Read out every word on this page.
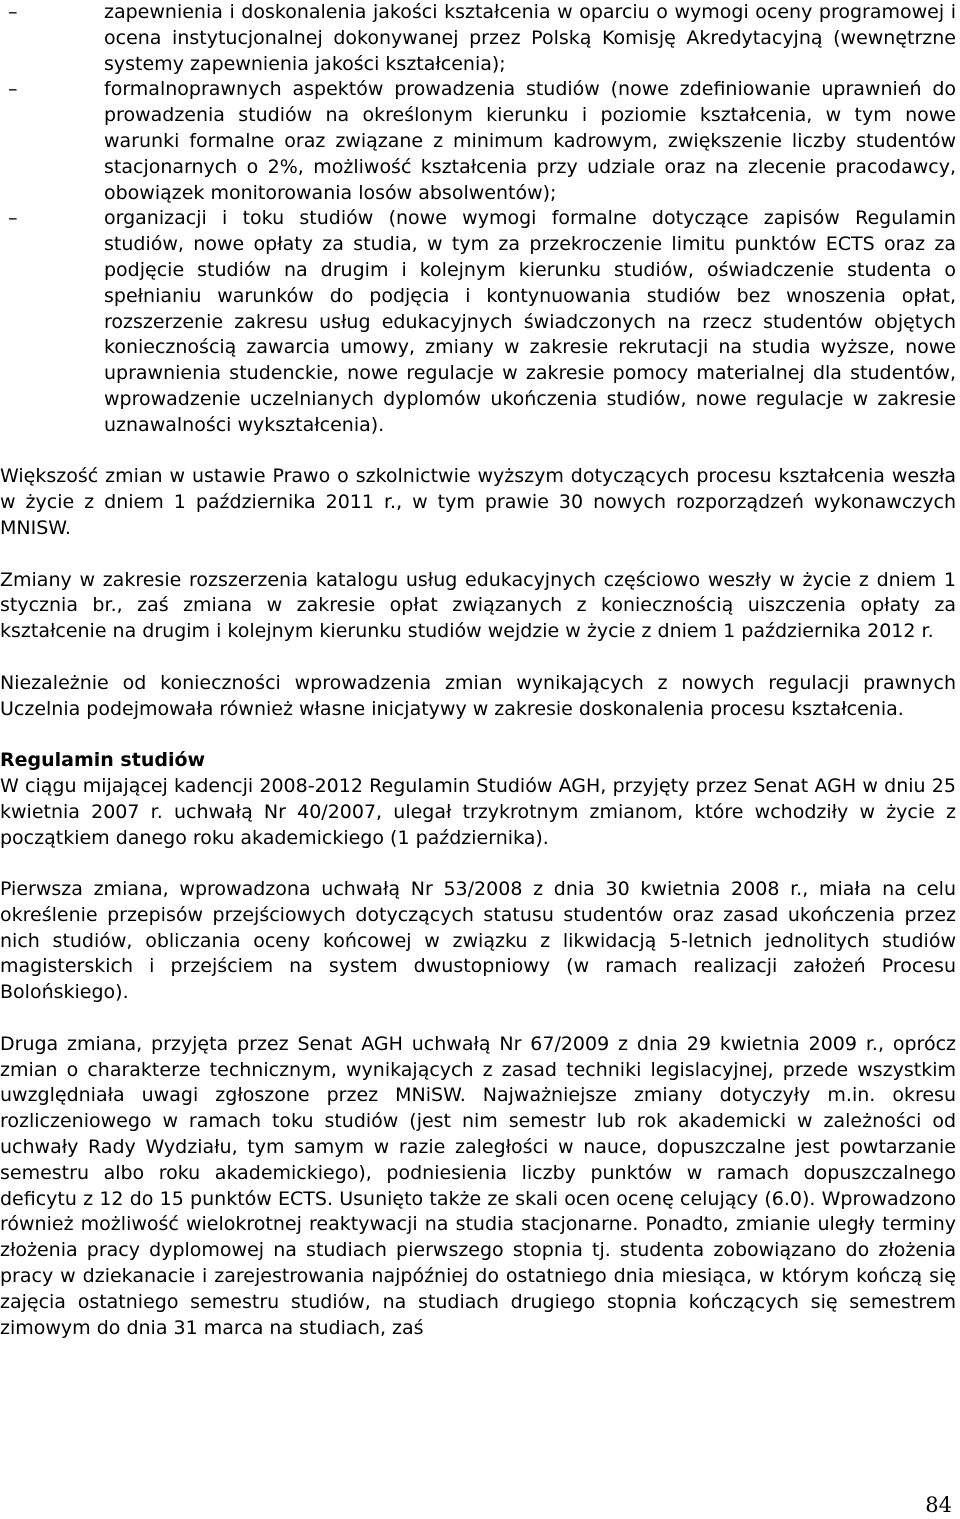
–	zapewnienia i doskonalenia jakości kształcenia w oparciu o wymogi oceny programowej i ocena instytucjonalnej dokonywanej przez Polską Komisję Akredytacyjną (wewnętrzne systemy zapewnienia jakości kształcenia);
–	formalnoprawnych aspektów prowadzenia studiów (nowe zdefiniowanie uprawnień do prowadzenia studiów na określonym kierunku i poziomie kształcenia, w tym nowe warunki formalne oraz związane z minimum kadrowym, zwiększenie liczby studentów stacjonarnych o 2%, możliwość kształcenia przy udziale oraz na zlecenie pracodawcy, obowiązek monitorowania losów absolwentów);
–	organizacji i toku studiów (nowe wymogi formalne dotyczące zapisów Regulamin studiów, nowe opłaty za studia, w tym za przekroczenie limitu punktów ECTS oraz za podjęcie studiów na drugim i kolejnym kierunku studiów, oświadczenie studenta o spełnianiu warunków do podjęcia i kontynuowania studiów bez wnoszenia opłat, rozszerzenie zakresu usług edukacyjnych świadczonych na rzecz studentów objętych koniecznością zawarcia umowy, zmiany w zakresie rekrutacji na studia wyższe, nowe uprawnienia studenckie, nowe regulacje w zakresie pomocy materialnej dla studentów, wprowadzenie uczelnianych dyplomów ukończenia studiów, nowe regulacje w zakresie uznawalności wykształcenia).

Większość zmian w ustawie Prawo o szkolnictwie wyższym dotyczących procesu kształcenia weszła w życie z dniem 1 października 2011 r., w tym prawie 30 nowych rozporządzeń wykonawczych MNISW.

Zmiany w zakresie rozszerzenia katalogu usług edukacyjnych częściowo weszły w życie z dniem 1 stycznia br., zaś zmiana w zakresie opłat związanych z koniecznością uiszczenia opłaty za kształcenie na drugim i kolejnym kierunku studiów wejdzie w życie z dniem 1 października 2012 r.

Niezależnie od konieczności wprowadzenia zmian wynikających z nowych regulacji prawnych Uczelnia podejmowała również własne inicjatywy w zakresie doskonalenia procesu kształcenia.

Regulamin studiów

W ciągu mijającej kadencji 2008-2012 Regulamin Studiów AGH, przyjęty przez Senat AGH w dniu 25 kwietnia 2007 r. uchwałą Nr 40/2007, ulegał trzykrotnym zmianom, które wchodziły w życie z początkiem danego roku akademickiego (1 października).

Pierwsza zmiana, wprowadzona uchwałą Nr 53/2008 z dnia 30 kwietnia 2008 r., miała na celu określenie przepisów przejściowych dotyczących statusu studentów oraz zasad ukończenia przez nich studiów, obliczania oceny końcowej w związku z likwidacją 5-letnich jednolitych studiów magisterskich i przejściem na system dwustopniowy (w ramach realizacji założeń Procesu Bolońskiego).

Druga zmiana, przyjęta przez Senat AGH uchwałą Nr 67/2009 z dnia 29 kwietnia 2009 r., oprócz zmian o charakterze technicznym, wynikających z zasad techniki legislacyjnej, przede wszystkim uwzględniała uwagi zgłoszone przez MNiSW. Najważniejsze zmiany dotyczyły m.in. okresu rozliczeniowego w ramach toku studiów (jest nim semestr lub rok akademicki w zależności od uchwały Rady Wydziału, tym samym w razie zaległości w nauce, dopuszczalne jest powtarzanie semestru albo roku akademickiego), podniesienia liczby punktów w ramach dopuszczalnego deficytu z 12 do 15 punktów ECTS. Usunięto także ze skali ocen ocenę celujący (6.0). Wprowadzono również możliwość wielokrotnej reaktywacji na studia stacjonarne. Ponadto, zmianie uległy terminy złożenia pracy dyplomowej na studiach pierwszego stopnia tj. studenta zobowiązano do złożenia pracy w dziekanacie i zarejestrowania najpóźniej do ostatniego dnia miesiąca, w którym kończą się zajęcia ostatniego semestru studiów, na studiach drugiego stopnia kończących się semestrem zimowym do dnia 31 marca na studiach, zaś

84
